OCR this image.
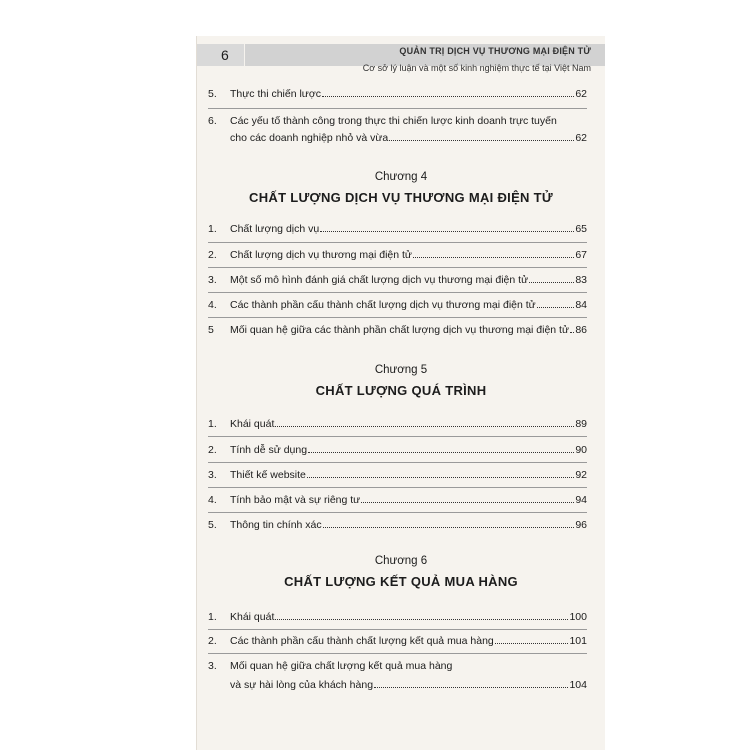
6	QUẢN TRỊ DỊCH VỤ THƯƠNG MẠI ĐIỆN TỬ
Cơ sở lý luận và một số kinh nghiệm thực tế tại Việt Nam
5. Thực thi chiến lược	62
6. Các yếu tố thành công trong thực thi chiến lược kinh doanh trực tuyến
cho các doanh nghiệp nhỏ và vừa	62
Chương 4
CHẤT LƯỢNG DỊCH VỤ THƯƠNG MẠI ĐIỆN TỬ
1. Chất lượng dịch vụ	65
2. Chất lượng dịch vụ thương mại điện tử	67
3. Một số mô hình đánh giá chất lượng dịch vụ thương mại điện tử	83
4. Các thành phần cấu thành chất lượng dịch vụ thương mại điện tử	84
5 Mối quan hệ giữa các thành phần chất lượng dịch vụ thương mại điện tử 86
Chương 5
CHẤT LƯỢNG QUÁ TRÌNH
1. Khái quát	89
2. Tính dễ sử dụng	90
3. Thiết kế website	92
4. Tính bảo mật và sự riêng tư	94
5. Thông tin chính xác	96
Chương 6
CHẤT LƯỢNG KẾT QUẢ MUA HÀNG
1. Khái quát	100
2. Các thành phần cấu thành chất lượng kết quả mua hàng	101
3. Mối quan hệ giữa chất lượng kết quả mua hàng
và sự hài lòng của khách hàng	104
